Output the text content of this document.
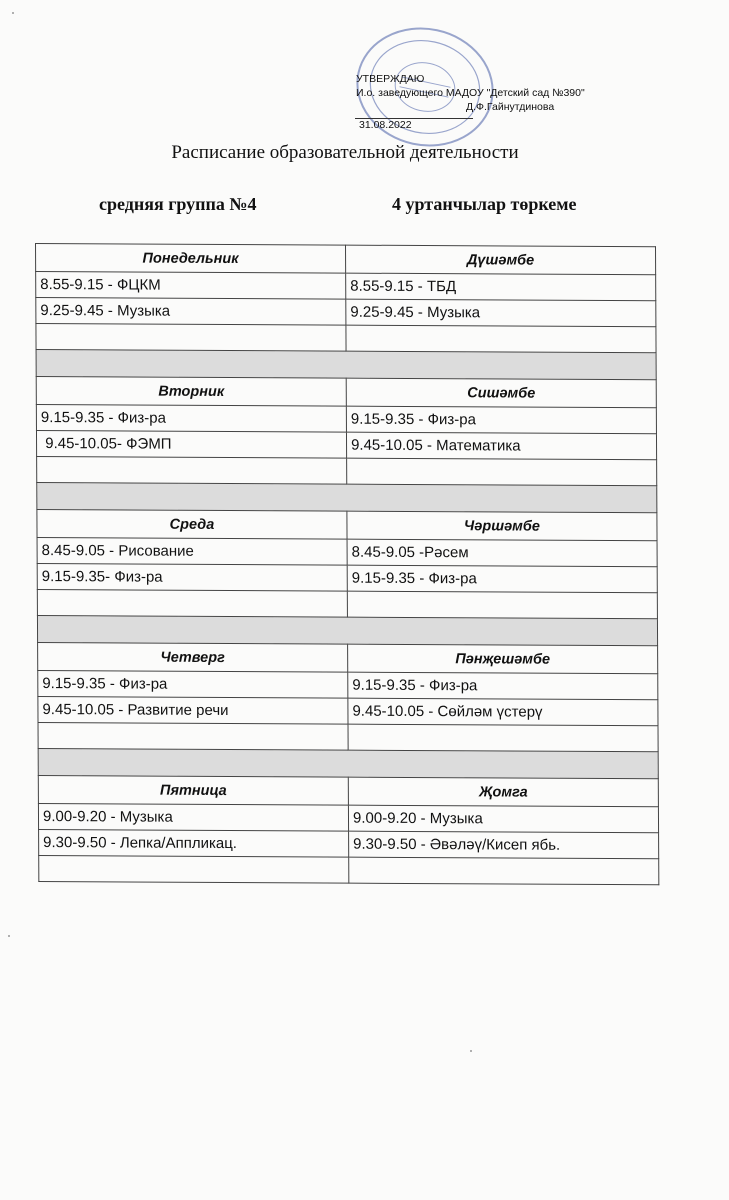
УТВЕРЖДАЮ
И.о. заведующего МАДОУ "Детский сад №390"
Д.Ф.Гайнутдинова
31.08.2022
Расписание образовательной деятельности
средняя группа №4	4 уртанчылар төркеме
Понедельник	Дүшәмбе
8.55-9.15 - ФЦКМ	8.55-9.15 - ТБД
9.25-9.45 - Музыка	9.25-9.45 - Музыка

Вторник	Сишәмбе
9.15-9.35 - Физ-ра	9.15-9.35 - Физ-ра
9.45-10.05- ФЭМП	9.45-10.05 - Математика

Среда	Чәршәмбе
8.45-9.05 - Рисование	8.45-9.05 -Рәсем
9.15-9.35- Физ-ра	9.15-9.35 - Физ-ра

Четверг	Пәнҗешәмбе
9.15-9.35 - Физ-ра	9.15-9.35 - Физ-ра
9.45-10.05 - Развитие речи	9.45-10.05 - Сөйләм үстерү

Пятница	Җомга
9.00-9.20 - Музыка	9.00-9.20 - Музыка
9.30-9.50 - Лепка/Аппликац.	9.30-9.50 - Әвәләү/Кисеп ябь.
